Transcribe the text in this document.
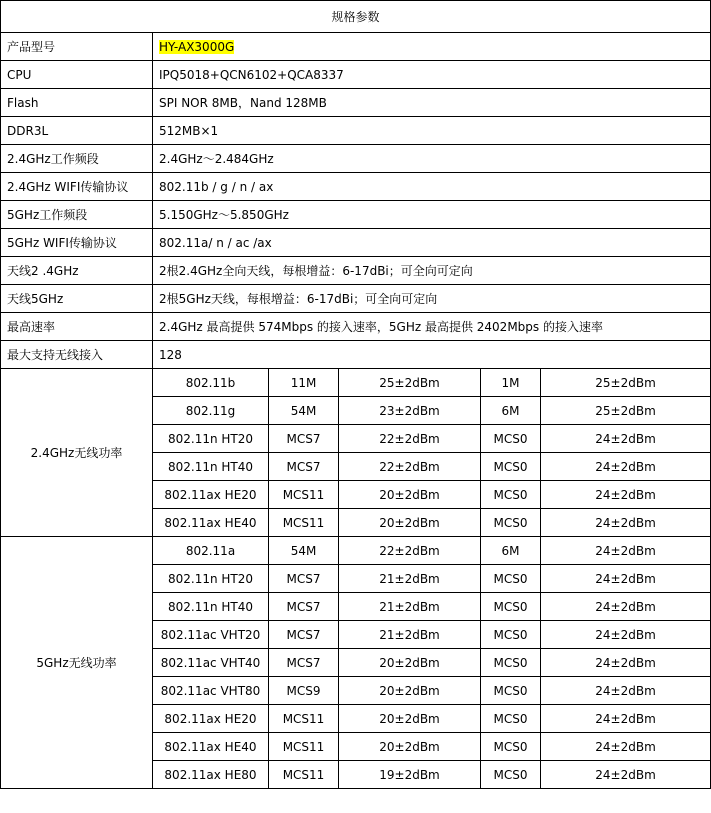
规格参数					
产品型号	HY-AX3000G				
CPU	IPQ5018+QCN6102+QCA8337				
Flash	SPI NOR 8MB，Nand 128MB				
DDR3L	512MB×1				
2.4GHz工作频段	2.4GHz～2.484GHz				
2.4GHz WIFI传输协议	802.11b / g / n / ax				
5GHz工作频段	5.150GHz～5.850GHz				
5GHz WIFI传输协议	802.11a/ n / ac /ax				
天线2 .4GHz	2根2.4GHz全向天线，每根增益：6-17dBi；可全向可定向				
天线5GHz	2根5GHz天线，每根增益：6-17dBi；可全向可定向				
最高速率	2.4GHz 最高提供 574Mbps 的接入速率，5GHz 最高提供 2402Mbps 的接入速率				
最大支持无线接入	128				
2.4GHz无线功率	802.11b	11M	25±2dBm	1M	25±2dBm
	802.11g	54M	23±2dBm	6M	25±2dBm
	802.11n HT20	MCS7	22±2dBm	MCS0	24±2dBm
	802.11n HT40	MCS7	22±2dBm	MCS0	24±2dBm
	802.11ax HE20	MCS11	20±2dBm	MCS0	24±2dBm
	802.11ax HE40	MCS11	20±2dBm	MCS0	24±2dBm
5GHz无线功率	802.11a	54M	22±2dBm	6M	24±2dBm
	802.11n HT20	MCS7	21±2dBm	MCS0	24±2dBm
	802.11n HT40	MCS7	21±2dBm	MCS0	24±2dBm
	802.11ac VHT20	MCS7	21±2dBm	MCS0	24±2dBm
	802.11ac VHT40	MCS7	20±2dBm	MCS0	24±2dBm
	802.11ac VHT80	MCS9	20±2dBm	MCS0	24±2dBm
	802.11ax HE20	MCS11	20±2dBm	MCS0	24±2dBm
	802.11ax HE40	MCS11	20±2dBm	MCS0	24±2dBm
	802.11ax HE80	MCS11	19±2dBm	MCS0	24±2dBm
